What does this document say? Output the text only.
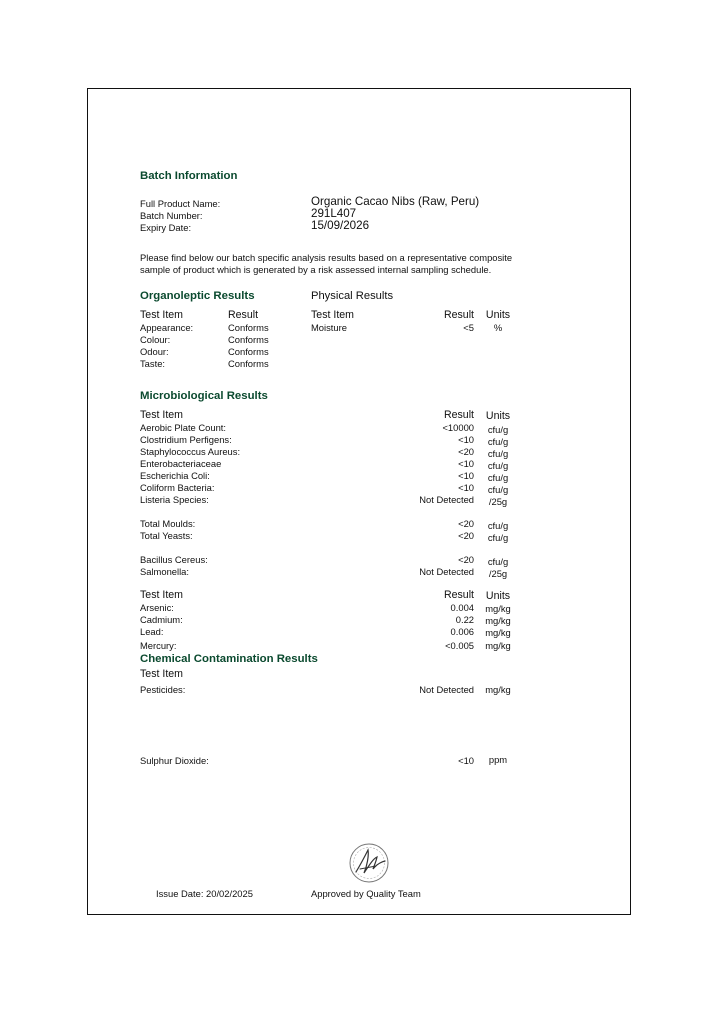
Batch Information
Full Product Name:	Organic Cacao Nibs (Raw, Peru)
Batch Number:	291L407
Expiry Date:	15/09/2026
Please find below our batch specific analysis results based on a representative composite
sample of product which is generated by a risk assessed internal sampling schedule.
Organoleptic Results
Test Item	Result
Appearance:	Conforms
Colour:	Conforms
Odour:	Conforms
Taste:	Conforms
Physical Results
Test Item	Result	Units
Moisture	<5	%
Microbiological Results
Test Item	Result	Units
Aerobic Plate Count:	<10000	cfu/g
Clostridium Perfigens:	<10	cfu/g
Staphylococcus Aureus:	<20	cfu/g
Enterobacteriaceae	<10	cfu/g
Escherichia Coli:	<10	cfu/g
Coliform Bacteria:	<10	cfu/g
Listeria Species:	Not Detected	/25g
Total Moulds:	<20	cfu/g
Total Yeasts:	<20	cfu/g
Bacillus Cereus:	<20	cfu/g
Salmonella:	Not Detected	/25g
Test Item	Result	Units
Arsenic:	0.004	mg/kg
Cadmium:	0.22	mg/kg
Lead:	0.006	mg/kg
Mercury:	<0.005	mg/kg
Chemical Contamination Results
Test Item
Pesticides:	Not Detected	mg/kg
Sulphur Dioxide:	<10	ppm
Issue Date: 20/02/2025	Approved by Quality Team
